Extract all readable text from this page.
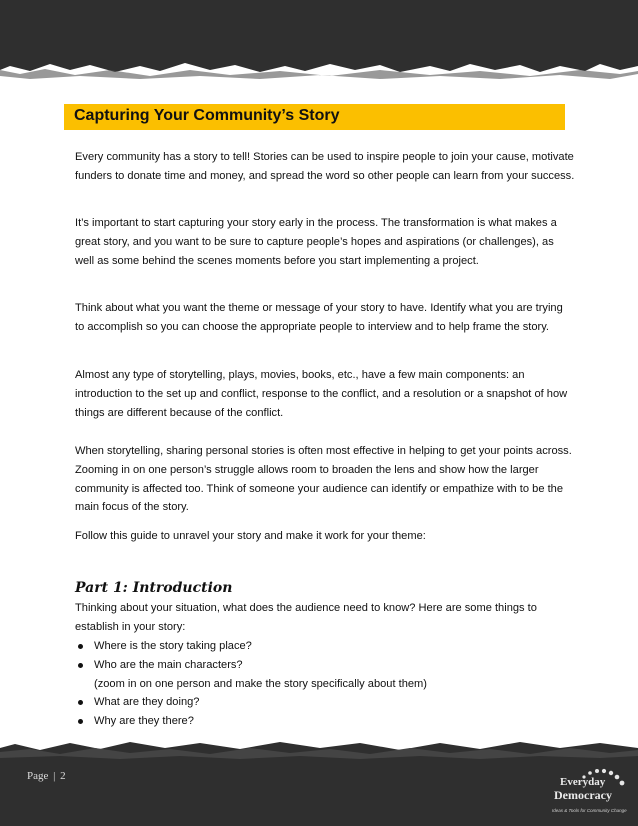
Capturing Your Community’s Story

Every community has a story to tell! Stories can be used to inspire people to join your cause, motivate funders to donate time and money, and spread the word so other people can learn from your success.

It’s important to start capturing your story early in the process. The transformation is what makes a great story, and you want to be sure to capture people’s hopes and aspirations (or challenges), as well as some behind the scenes moments before you start implementing a project.

Think about what you want the theme or message of your story to have. Identify what you are trying to accomplish so you can choose the appropriate people to interview and to help frame the story.

Almost any type of storytelling, plays, movies, books, etc., have a few main components: an introduction to the set up and conflict, response to the conflict, and a resolution or a snapshot of how things are different because of the conflict.

When storytelling, sharing personal stories is often most effective in helping to get your points across. Zooming in on one person’s struggle allows room to broaden the lens and show how the larger community is affected too. Think of someone your audience can identify or empathize with to be the main focus of the story.

Follow this guide to unravel your story and make it work for your theme:

Part 1: Introduction

Thinking about your situation, what does the audience need to know? Here are some things to establish in your story:

Where is the story taking place?
Who are the main characters?
(zoom in on one person and make the story specifically about them)
What are they doing?
Why are they there?
Page | 2	Everyday
Democracy
Ideas & Tools for Community Change
